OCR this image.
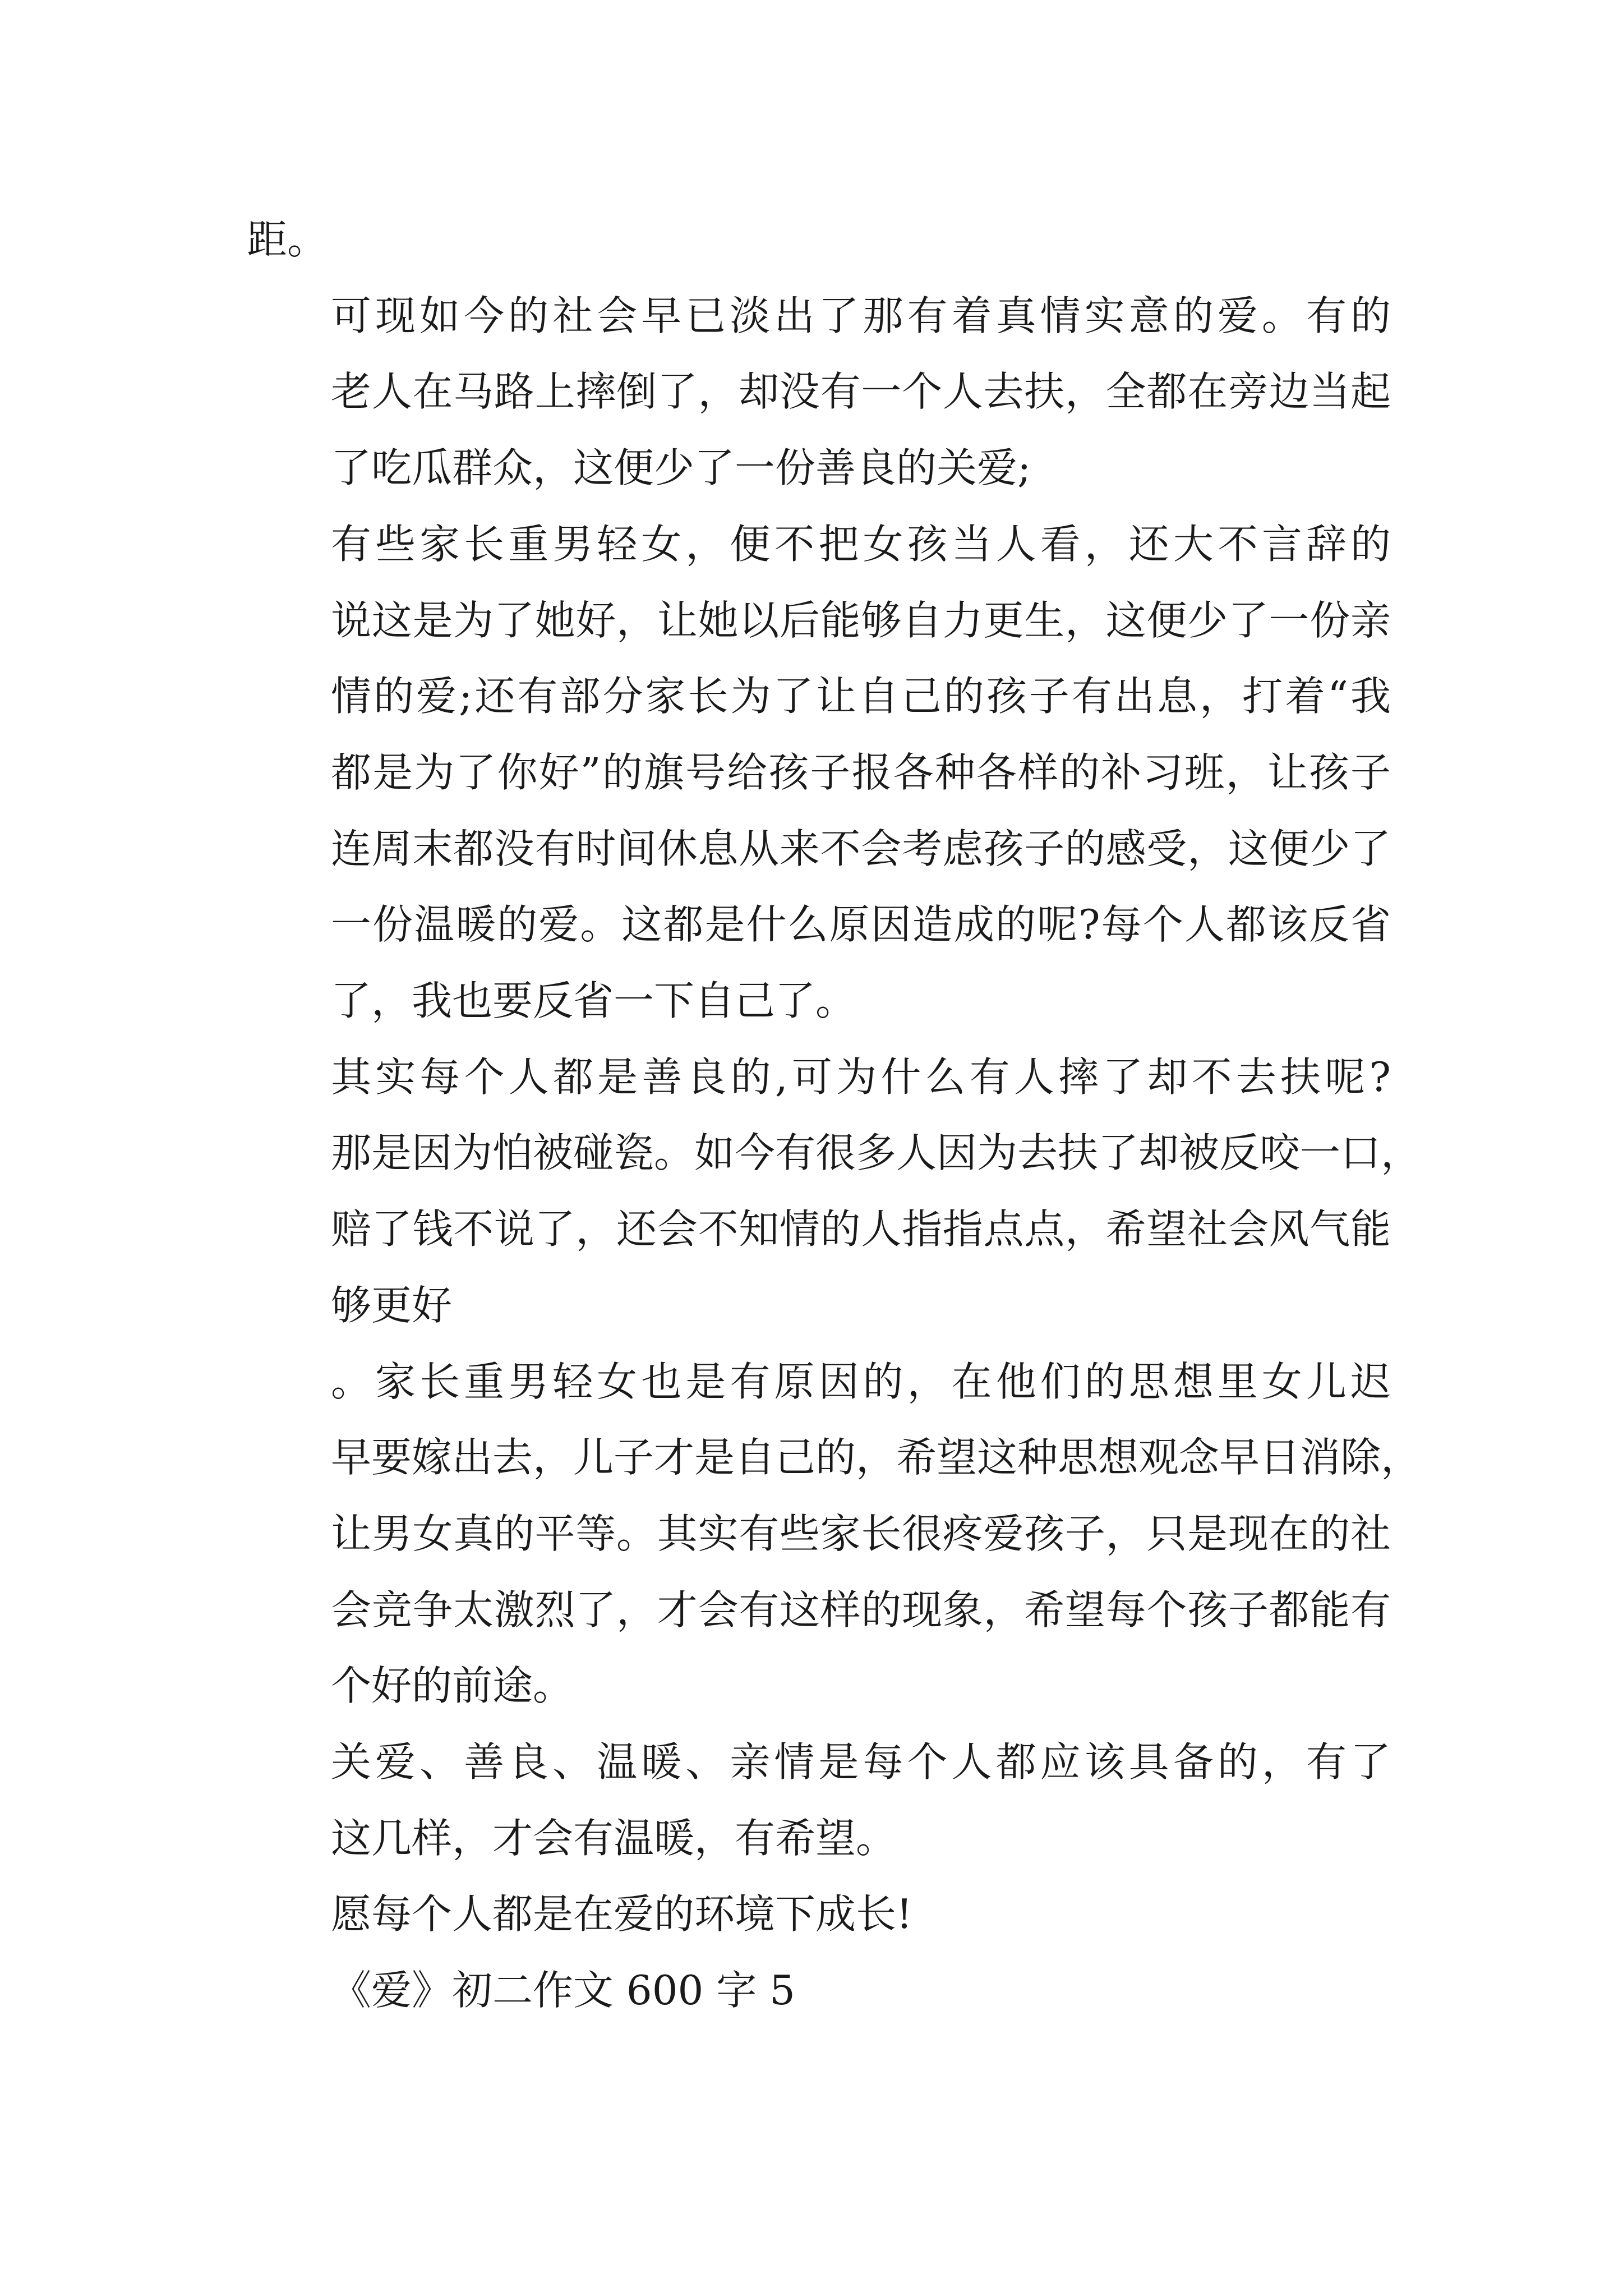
距。

可现如今的社会早已淡出了那有着真情实意的爱。有的
老人在马路上摔倒了，却没有一个人去扶，全都在旁边当起
了吃瓜群众，这便少了一份善良的关爱;

有些家长重男轻女，便不把女孩当人看，还大不言辞的
说这是为了她好，让她以后能够自力更生，这便少了一份亲
情的爱;还有部分家长为了让自己的孩子有出息，打着“我
都是为了你好”的旗号给孩子报各种各样的补习班，让孩子
连周末都没有时间休息从来不会考虑孩子的感受，这便少了
一份温暖的爱。这都是什么原因造成的呢?每个人都该反省
了，我也要反省一下自己了。

其实每个人都是善良的,可为什么有人摔了却不去扶呢?
那是因为怕被碰瓷。如今有很多人因为去扶了却被反咬一口，
赔了钱不说了，还会不知情的人指指点点，希望社会风气能
够更好

。家长重男轻女也是有原因的，在他们的思想里女儿迟
早要嫁出去，儿子才是自己的，希望这种思想观念早日消除，
让男女真的平等。其实有些家长很疼爱孩子，只是现在的社
会竞争太激烈了，才会有这样的现象，希望每个孩子都能有
个好的前途。

关爱、善良、温暖、亲情是每个人都应该具备的，有了
这几样，才会有温暖，有希望。

愿每个人都是在爱的环境下成长!

《爱》初二作文 600 字 5
